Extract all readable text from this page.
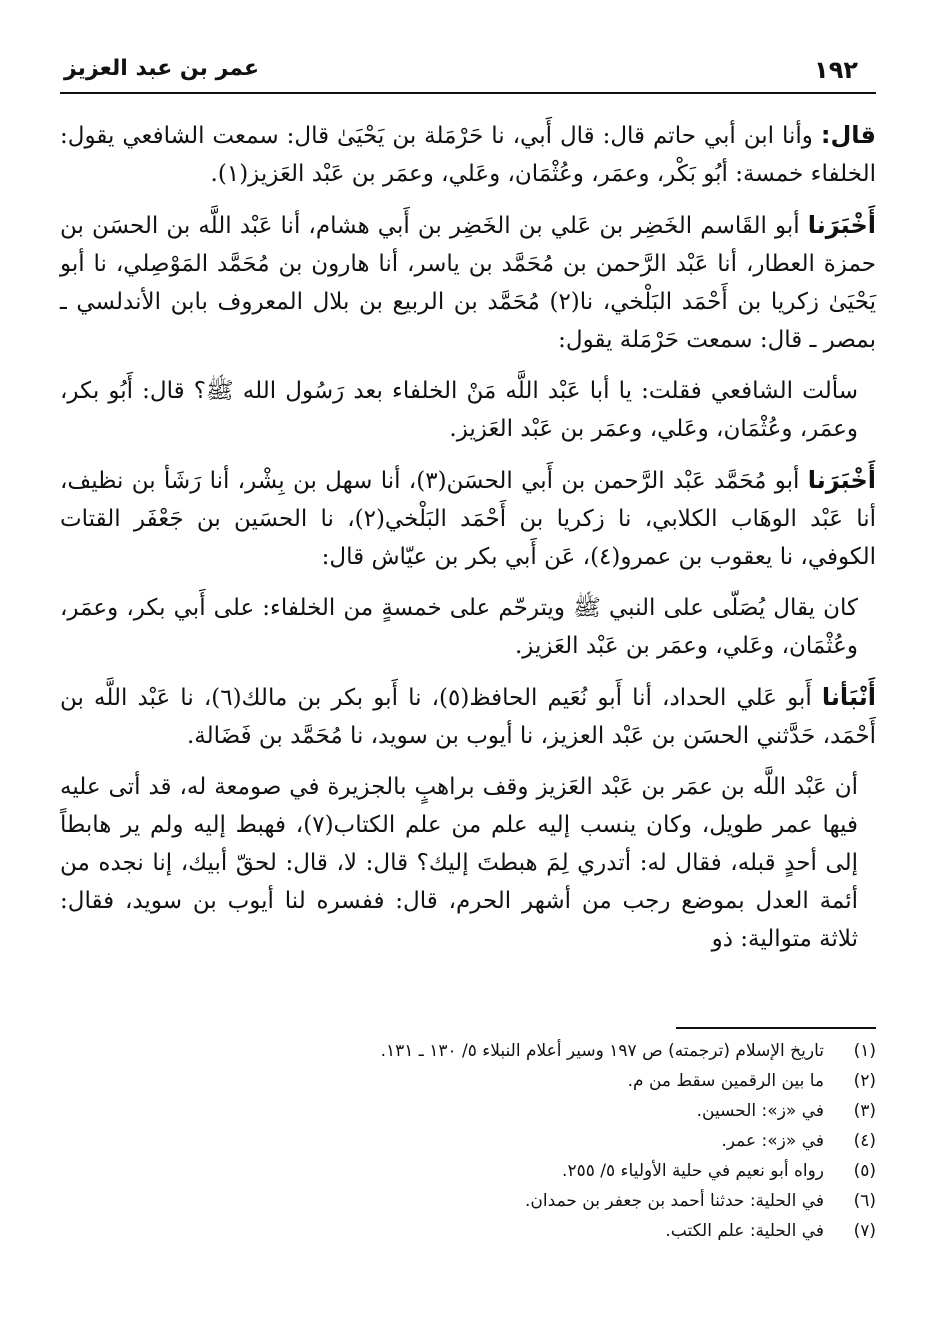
١٩٢
عمر بن عبد العزيز

قال: وأنا ابن أبي حاتم قال: قال أَبي، نا حَرْمَلة بن يَحْيَىٰ قال: سمعت الشافعي يقول: الخلفاء خمسة: أبُو بَكْر، وعمَر، وعُثْمَان، وعَلي، وعمَر بن عَبْد العَزيز(١).

أَخْبَرَنا أبو القَاسم الخَضِر بن عَلي بن الخَضِر بن أَبي هشام، أنا عَبْد اللَّه بن الحسَن بن حمزة العطار، أنا عَبْد الرَّحمن بن مُحَمَّد بن ياسر، أنا هارون بن مُحَمَّد المَوْصِلي، نا أبو يَحْيَىٰ زكريا بن أَحْمَد البَلْخي، نا(٢) مُحَمَّد بن الربيع بن بلال المعروف بابن الأندلسي ـ بمصر ـ قال: سمعت حَرْمَلة يقول:

سألت الشافعي فقلت: يا أبا عَبْد اللَّه مَنْ الخلفاء بعد رَسُول الله ﷺ؟ قال: أَبُو بكر، وعمَر، وعُثْمَان، وعَلي، وعمَر بن عَبْد العَزيز.

أَخْبَرَنا أبو مُحَمَّد عَبْد الرَّحمن بن أَبي الحسَن(٣)، أنا سهل بن بِشْر، أنا رَشَأ بن نظيف، أنا عَبْد الوهَاب الكلابي، نا زكريا بن أَحْمَد البَلْخي(٢)، نا الحسَين بن جَعْفَر القتات الكوفي، نا يعقوب بن عمرو(٤)، عَن أَبي بكر بن عيّاش قال:

كان يقال يُصَلّى على النبي ﷺ ويترحّم على خمسةٍ من الخلفاء: على أَبي بكر، وعمَر، وعُثْمَان، وعَلي، وعمَر بن عَبْد العَزيز.

أَنْبَأنا أَبو عَلي الحداد، أنا أَبو نُعَيم الحافظ(٥)، نا أَبو بكر بن مالك(٦)، نا عَبْد اللَّه بن أَحْمَد، حَدَّثني الحسَن بن عَبْد العزيز، نا أيوب بن سويد، نا مُحَمَّد بن فَضَالة.

أن عَبْد اللَّه بن عمَر بن عَبْد العَزيز وقف براهبٍ بالجزيرة في صومعة له، قد أتى عليه فيها عمر طويل، وكان ينسب إليه علم من علم الكتاب(٧)، فهبط إليه ولم ير هابطاً إلى أحدٍ قبله، فقال له: أتدري لِمَ هبطتَ إليك؟ قال: لا، قال: لحقّ أبيك، إنا نجده من أئمة العدل بموضع رجب من أشهر الحرم، قال: ففسره لنا أيوب بن سويد، فقال: ثلاثة متوالية: ذو

(١)
تاريخ الإسلام (ترجمته) ص ١٩٧ وسير أعلام النبلاء ٥/ ١٣٠ ـ ١٣١.
(٢)
ما بين الرقمين سقط من م.
(٣)
في «ز»: الحسين.
(٤)
في «ز»: عمر.
(٥)
رواه أبو نعيم في حلية الأولياء ٥/ ٢٥٥.
(٦)
في الحلية: حدثنا أحمد بن جعفر بن حمدان.
(٧)
في الحلية: علم الكتب.
